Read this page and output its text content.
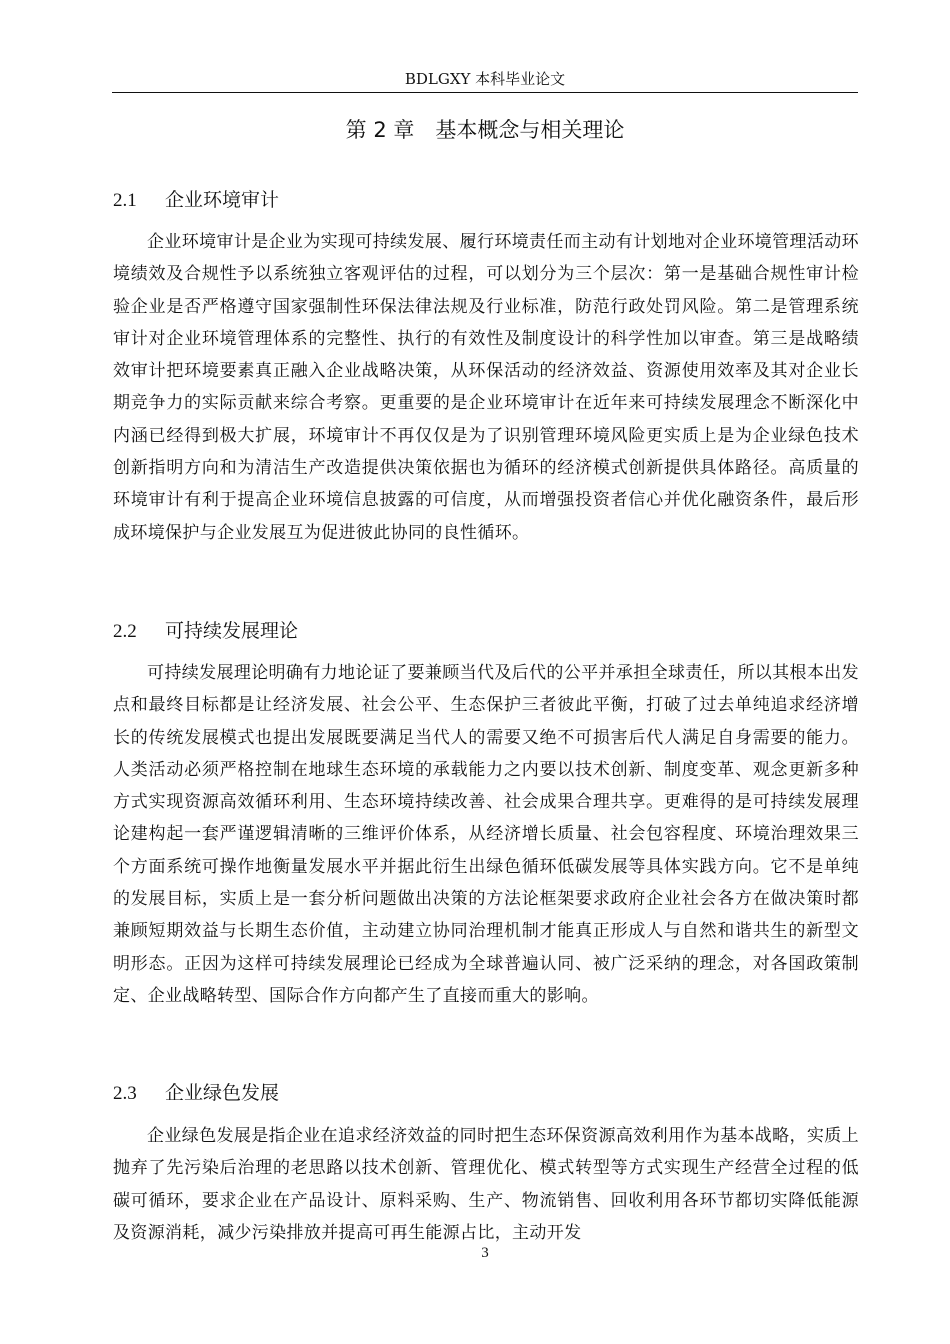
BDLGXY 本科毕业论文
第 2 章　基本概念与相关理论
2.1 企业环境审计

企业环境审计是企业为实现可持续发展、履行环境责任而主动有计划地对企业环境管理活动环境绩效及合规性予以系统独立客观评估的过程，可以划分为三个层次：第一是基础合规性审计检验企业是否严格遵守国家强制性环保法律法规及行业标准，防范行政处罚风险。第二是管理系统审计对企业环境管理体系的完整性、执行的有效性及制度设计的科学性加以审查。第三是战略绩效审计把环境要素真正融入企业战略决策，从环保活动的经济效益、资源使用效率及其对企业长期竞争力的实际贡献来综合考察。更重要的是企业环境审计在近年来可持续发展理念不断深化中内涵已经得到极大扩展，环境审计不再仅仅是为了识别管理环境风险更实质上是为企业绿色技术创新指明方向和为清洁生产改造提供决策依据也为循环的经济模式创新提供具体路径。高质量的环境审计有利于提高企业环境信息披露的可信度，从而增强投资者信心并优化融资条件，最后形成环境保护与企业发展互为促进彼此协同的良性循环。

2.2 可持续发展理论

可持续发展理论明确有力地论证了要兼顾当代及后代的公平并承担全球责任，所以其根本出发点和最终目标都是让经济发展、社会公平、生态保护三者彼此平衡，打破了过去单纯追求经济增长的传统发展模式也提出发展既要满足当代人的需要又绝不可损害后代人满足自身需要的能力。人类活动必须严格控制在地球生态环境的承载能力之内要以技术创新、制度变革、观念更新多种方式实现资源高效循环利用、生态环境持续改善、社会成果合理共享。更难得的是可持续发展理论建构起一套严谨逻辑清晰的三维评价体系，从经济增长质量、社会包容程度、环境治理效果三个方面系统可操作地衡量发展水平并据此衍生出绿色循环低碳发展等具体实践方向。它不是单纯的发展目标，实质上是一套分析问题做出决策的方法论框架要求政府企业社会各方在做决策时都兼顾短期效益与长期生态价值，主动建立协同治理机制才能真正形成人与自然和谐共生的新型文明形态。正因为这样可持续发展理论已经成为全球普遍认同、被广泛采纳的理念，对各国政策制定、企业战略转型、国际合作方向都产生了直接而重大的影响。

2.3 企业绿色发展

企业绿色发展是指企业在追求经济效益的同时把生态环保资源高效利用作为基本战略，实质上抛弃了先污染后治理的老思路以技术创新、管理优化、模式转型等方式实现生产经营全过程的低碳可循环，要求企业在产品设计、原料采购、生产、物流销售、回收利用各环节都切实降低能源及资源消耗，减少污染排放并提高可再生能源占比，主动开发

3
